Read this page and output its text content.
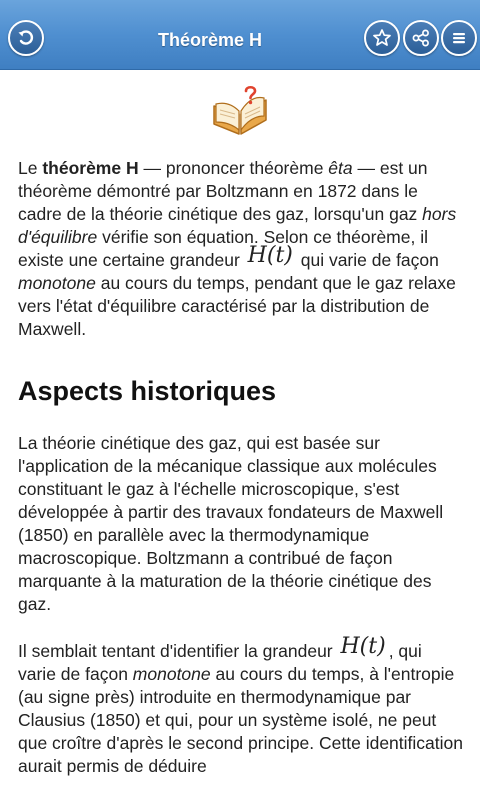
Théorème H

Le théorème H — prononcer théorème êta — est un théorème démontré par Boltzmann en 1872 dans le cadre de la théorie cinétique des gaz, lorsqu'un gaz hors d'équilibre vérifie son équation. Selon ce théorème, il existe une certaine grandeur H(t) qui varie de façon monotone au cours du temps, pendant que le gaz relaxe vers l'état d'équilibre caractérisé par la distribution de Maxwell.

Aspects historiques

La théorie cinétique des gaz, qui est basée sur l'application de la mécanique classique aux molécules constituant le gaz à l'échelle microscopique, s'est développée à partir des travaux fondateurs de Maxwell (1850) en parallèle avec la thermodynamique macroscopique. Boltzmann a contribué de façon marquante à la maturation de la théorie cinétique des gaz.

Il semblait tentant d'identifier la grandeur H(t) , qui varie de façon monotone au cours du temps, à l'entropie (au signe près) introduite en thermodynamique par Clausius (1850) et qui, pour un système isolé, ne peut que croître d'après le second principe. Cette identification aurait permis de déduire
